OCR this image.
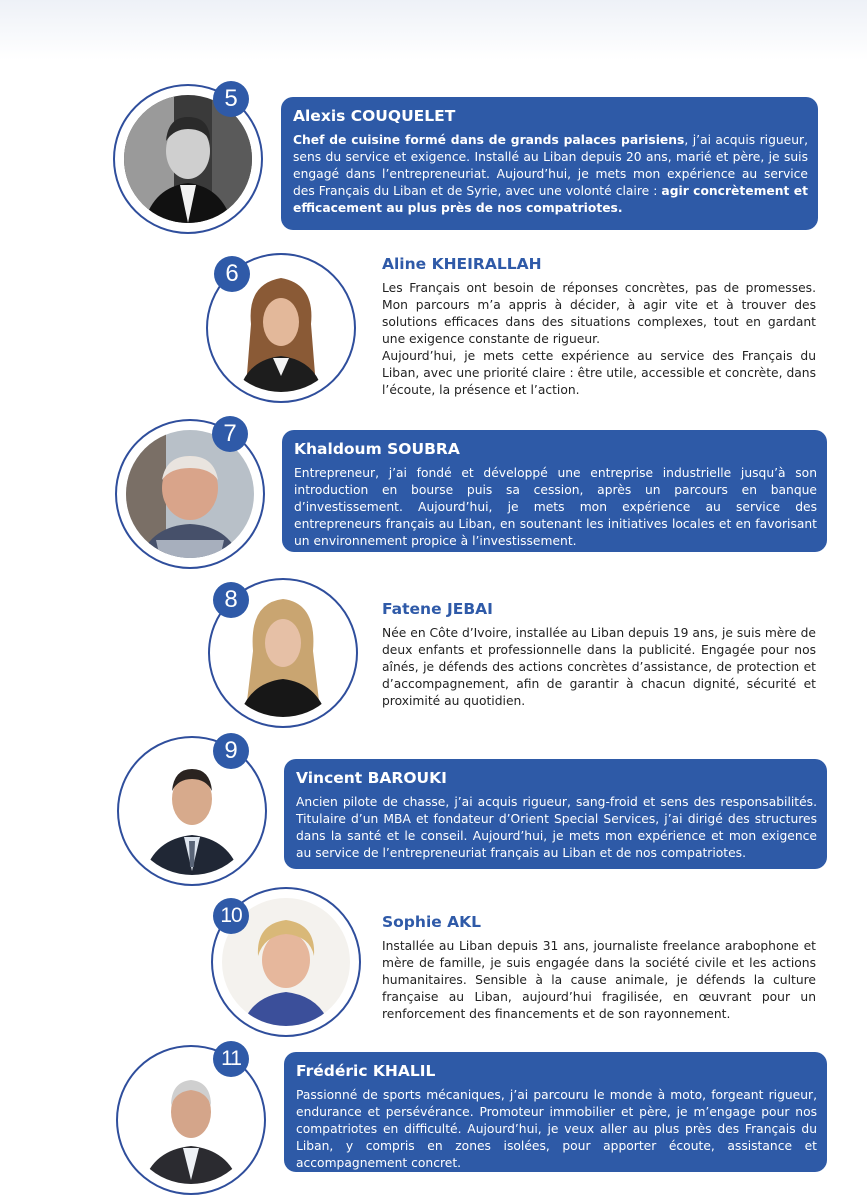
5
Alexis COUQUELET

Chef de cuisine formé dans de grands palaces parisiens, j’ai acquis rigueur, sens du service et exigence. Installé au Liban depuis 20 ans, marié et père, je suis engagé dans l’entrepreneuriat. Aujourd’hui, je mets mon expérience au service des Français du Liban et de Syrie, avec une volonté claire : agir concrètement et efficacement au plus près de nos compatriotes.

6	Aline KHEIRALLAH

Les Français ont besoin de réponses concrètes, pas de promesses. Mon parcours m’a appris à décider, à agir vite et à trouver des solutions efficaces dans des situations complexes, tout en gardant une exigence constante de rigueur.

Aujourd’hui, je mets cette expérience au service des Français du Liban, avec une priorité claire : être utile, accessible et concrète, dans l’écoute, la présence et l’action.

7
Khaldoum SOUBRA

Entrepreneur, j’ai fondé et développé une entreprise industrielle jusqu’à son introduction en bourse puis sa cession, après un parcours en banque d’investissement. Aujourd’hui, je mets mon expérience au service des entrepreneurs français au Liban, en soutenant les initiatives locales et en favorisant un environnement propice à l’investissement.

8	Fatene JEBAI

Née en Côte d’Ivoire, installée au Liban depuis 19 ans, je suis mère de deux enfants et professionnelle dans la publicité. Engagée pour nos aînés, je défends des actions concrètes d’assistance, de protection et d’accompagnement, afin de garantir à chacun dignité, sécurité et proximité au quotidien.

9
Vincent BAROUKI

Ancien pilote de chasse, j’ai acquis rigueur, sang-froid et sens des responsabilités. Titulaire d’un MBA et fondateur d’Orient Special Services, j’ai dirigé des structures dans la santé et le conseil. Aujourd’hui, je mets mon expérience et mon exigence au service de l’entrepreneuriat français au Liban et de nos compatriotes.

10	Sophie AKL

Installée au Liban depuis 31 ans, journaliste freelance arabophone et mère de famille, je suis engagée dans la société civile et les actions humanitaires. Sensible à la cause animale, je défends la culture française au Liban, aujourd’hui fragilisée, en œuvrant pour un renforcement des financements et de son rayonnement.

11
Frédéric KHALIL

Passionné de sports mécaniques, j’ai parcouru le monde à moto, forgeant rigueur, endurance et persévérance. Promoteur immobilier et père, je m’engage pour nos compatriotes en difficulté. Aujourd’hui, je veux aller au plus près des Français du Liban, y compris en zones isolées, pour apporter écoute, assistance et accompagnement concret.
